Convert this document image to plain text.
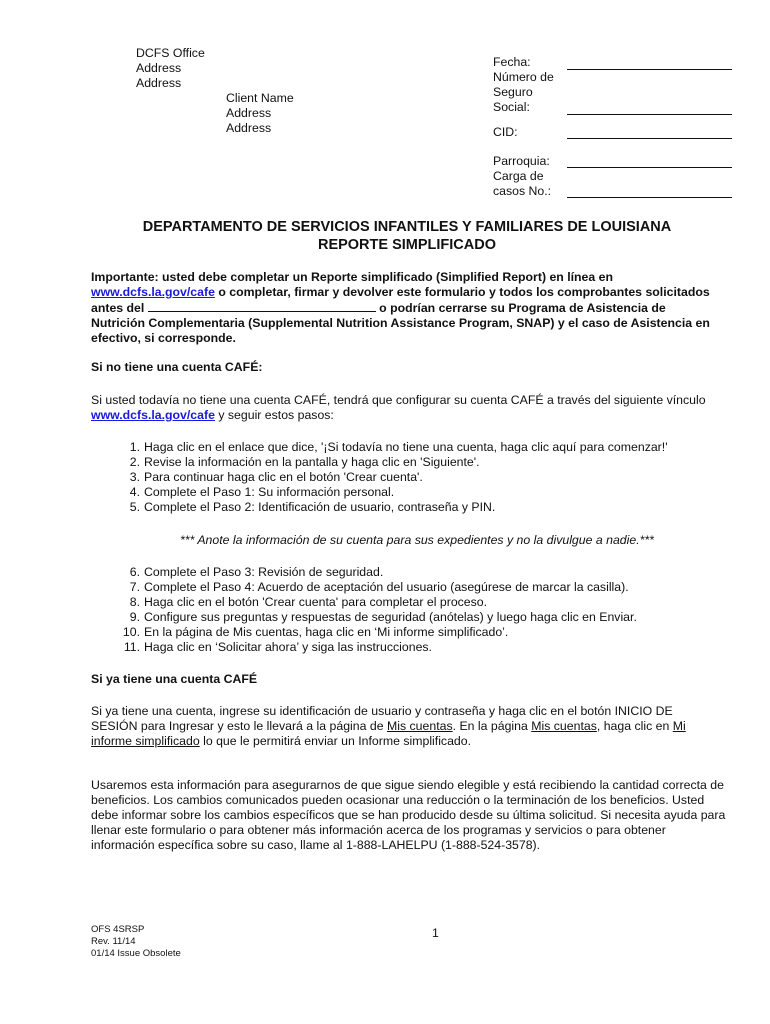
DCFS Office
Address
Address
Client Name
Address
Address
Fecha:
Número de
Seguro
Social:
CID:
Parroquia:
Carga de
casos No.:
DEPARTAMENTO DE SERVICIOS INFANTILES Y FAMILIARES DE LOUISIANA
REPORTE SIMPLIFICADO
Importante: usted debe completar un Reporte simplificado (Simplified Report) en línea en www.dcfs.la.gov/cafe o completar, firmar y devolver este formulario y todos los comprobantes solicitados antes del	o podrían cerrarse su Programa de Asistencia de Nutrición Complementaria (Supplemental Nutrition Assistance Program, SNAP) y el caso de Asistencia en efectivo, si corresponde.
Si no tiene una cuenta CAFÉ:
Si usted todavía no tiene una cuenta CAFÉ, tendrá que configurar su cuenta CAFÉ a través del siguiente vínculo www.dcfs.la.gov/cafe y seguir estos pasos:
1. Haga clic en el enlace que dice, '¡Si todavía no tiene una cuenta, haga clic aquí para comenzar!'
2. Revise la información en la pantalla y haga clic en 'Siguiente'.
3. Para continuar haga clic en el botón 'Crear cuenta'.
4. Complete el Paso 1: Su información personal.
5. Complete el Paso 2: Identificación de usuario, contraseña y PIN.
*** Anote la información de su cuenta para sus expedientes y no la divulgue a nadie.***
6. Complete el Paso 3: Revisión de seguridad.
7. Complete el Paso 4: Acuerdo de aceptación del usuario (asegúrese de marcar la casilla).
8. Haga clic en el botón 'Crear cuenta' para completar el proceso.
9. Configure sus preguntas y respuestas de seguridad (anótelas) y luego haga clic en Enviar.
10. En la página de Mis cuentas, haga clic en ‘Mi informe simplificado’.
11. Haga clic en ‘Solicitar ahora’ y siga las instrucciones.
Si ya tiene una cuenta CAFÉ
Si ya tiene una cuenta, ingrese su identificación de usuario y contraseña y haga clic en el botón INICIO DE SESIÓN para Ingresar y esto le llevará a la página de Mis cuentas. En la página Mis cuentas, haga clic en Mi informe simplificado lo que le permitirá enviar un Informe simplificado.
Usaremos esta información para asegurarnos de que sigue siendo elegible y está recibiendo la cantidad correcta de beneficios. Los cambios comunicados pueden ocasionar una reducción o la terminación de los beneficios. Usted debe informar sobre los cambios específicos que se han producido desde su última solicitud. Si necesita ayuda para llenar este formulario o para obtener más información acerca de los programas y servicios o para obtener información específica sobre su caso, llame al 1-888-LAHELPU (1-888-524-3578).
OFS 4SRSP
Rev. 11/14
01/14 Issue Obsolete
1
